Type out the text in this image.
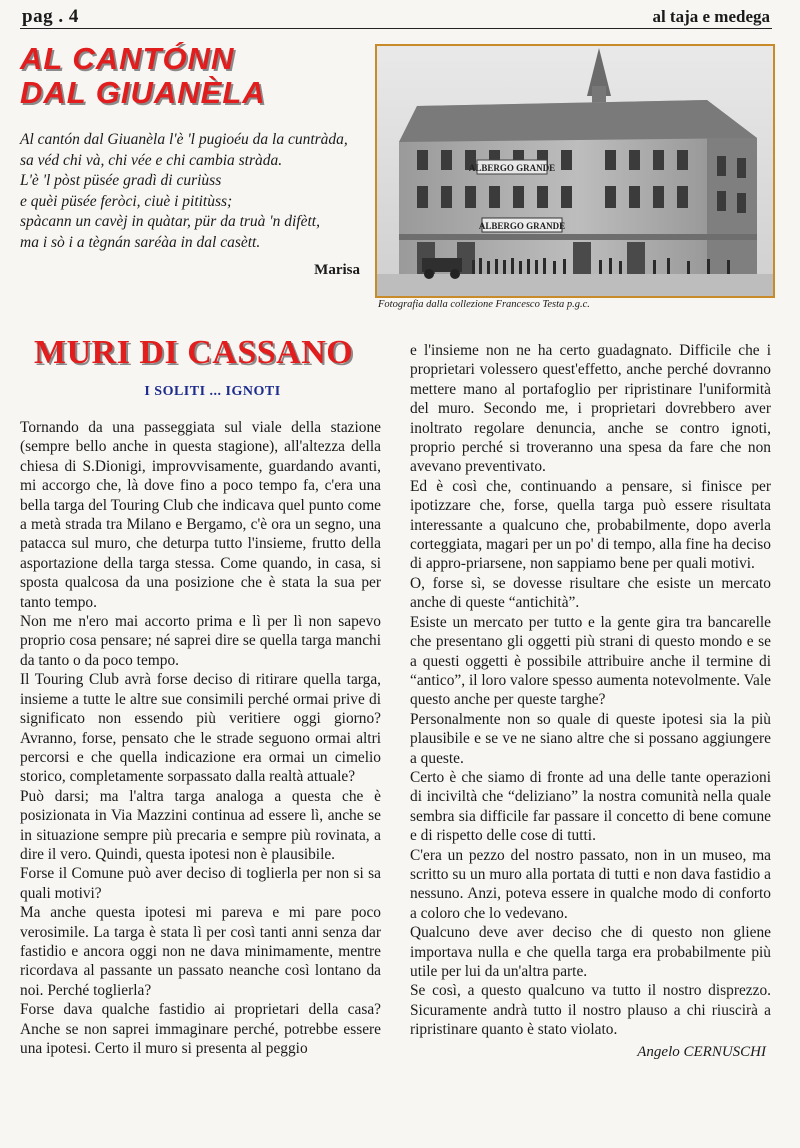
pag . 4	al taja e medega
AL CANTÓNN
DAL GIUANÈLA
Al cantón dal Giuanèla l'è 'l pugioéu da la cuntràda,
sa véd chi và, chi vée e chi cambia stràda.
L'è 'l pòst püsée gradì di curiùss
e quèi püsée feròci, ciuè i pititùss;
spàcann un cavèj in quàtar, pür da truà 'n difètt,
ma i sò i a tègnán saréàa in dal casètt.
Marisa
ALBERGO GRANDE
ALBERGO GRANDE
Fotografia dalla collezione Francesco Testa p.g.c.
MURI DI CASSANO
I SOLITI ... IGNOTI

Tornando da una passeggiata sul viale della stazione (sempre bello anche in questa stagione), all'altezza della chiesa di S.Dionigi, improvvisamente, guardando avanti, mi accorgo che, là dove fino a poco tempo fa, c'era una bella targa del Touring Club che indicava quel punto come a metà strada tra Milano e Bergamo, c'è ora un segno, una patacca sul muro, che deturpa tutto l'insieme, frutto della asportazione della targa stessa. Come quando, in casa, si sposta qualcosa da una posizione che è stata la sua per tanto tempo.

Non me n'ero mai accorto prima e lì per lì non sapevo proprio cosa pensare; né saprei dire se quella targa manchi da tanto o da poco tempo.

Il Touring Club avrà forse deciso di ritirare quella targa, insieme a tutte le altre sue consimili perché ormai prive di significato non essendo più veritiere oggi giorno? Avranno, forse, pensato che le strade seguono ormai altri percorsi e che quella indicazione era ormai un cimelio storico, completamente sorpassato dalla realtà attuale?

Può darsi; ma l'altra targa analoga a questa che è posizionata in Via Mazzini continua ad essere lì, anche se in situazione sempre più precaria e sempre più rovinata, a dire il vero. Quindi, questa ipotesi non è plausibile.

Forse il Comune può aver deciso di toglierla per non si sa quali motivi?

Ma anche questa ipotesi mi pareva e mi pare poco verosimile. La targa è stata lì per così tanti anni senza dar fastidio e ancora oggi non ne dava minimamente, mentre ricordava al passante un passato neanche così lontano da noi. Perché toglierla?

Forse dava qualche fastidio ai proprietari della casa? Anche se non saprei immaginare perché, potrebbe essere una ipotesi. Certo il muro si presenta al peggio

e l'insieme non ne ha certo guadagnato. Difficile che i proprietari volessero quest'effetto, anche perché dovranno mettere mano al portafoglio per ripristinare l'uniformità del muro. Secondo me, i proprietari dovrebbero aver inoltrato regolare denuncia, anche se contro ignoti, proprio perché si troveranno una spesa da fare che non avevano preventivato.

Ed è così che, continuando a pensare, si finisce per ipotizzare che, forse, quella targa può essere risultata interessante a qualcuno che, probabilmente, dopo averla corteggiata, magari per un po' di tempo, alla fine ha deciso di appro-priarsene, non sappiamo bene per quali motivi.

O, forse sì, se dovesse risultare che esiste un mercato anche di queste “antichità”.

Esiste un mercato per tutto e la gente gira tra bancarelle che presentano gli oggetti più strani di questo mondo e se a questi oggetti è possibile attribuire anche il termine di “antico”, il loro valore spesso aumenta notevolmente. Vale questo anche per queste targhe?

Personalmente non so quale di queste ipotesi sia la più plausibile e se ve ne siano altre che si possano aggiungere a queste.

Certo è che siamo di fronte ad una delle tante operazioni di inciviltà che “deliziano” la nostra comunità nella quale sembra sia difficile far passare il concetto di bene comune e di rispetto delle cose di tutti.

C'era un pezzo del nostro passato, non in un museo, ma scritto su un muro alla portata di tutti e non dava fastidio a nessuno. Anzi, poteva essere in qualche modo di conforto a coloro che lo vedevano.

Qualcuno deve aver deciso che di questo non gliene importava nulla e che quella targa era probabilmente più utile per lui da un'altra parte.

Se così, a questo qualcuno va tutto il nostro disprezzo. Sicuramente andrà tutto il nostro plauso a chi riuscirà a ripristinare quanto è stato violato.

Angelo CERNUSCHI
